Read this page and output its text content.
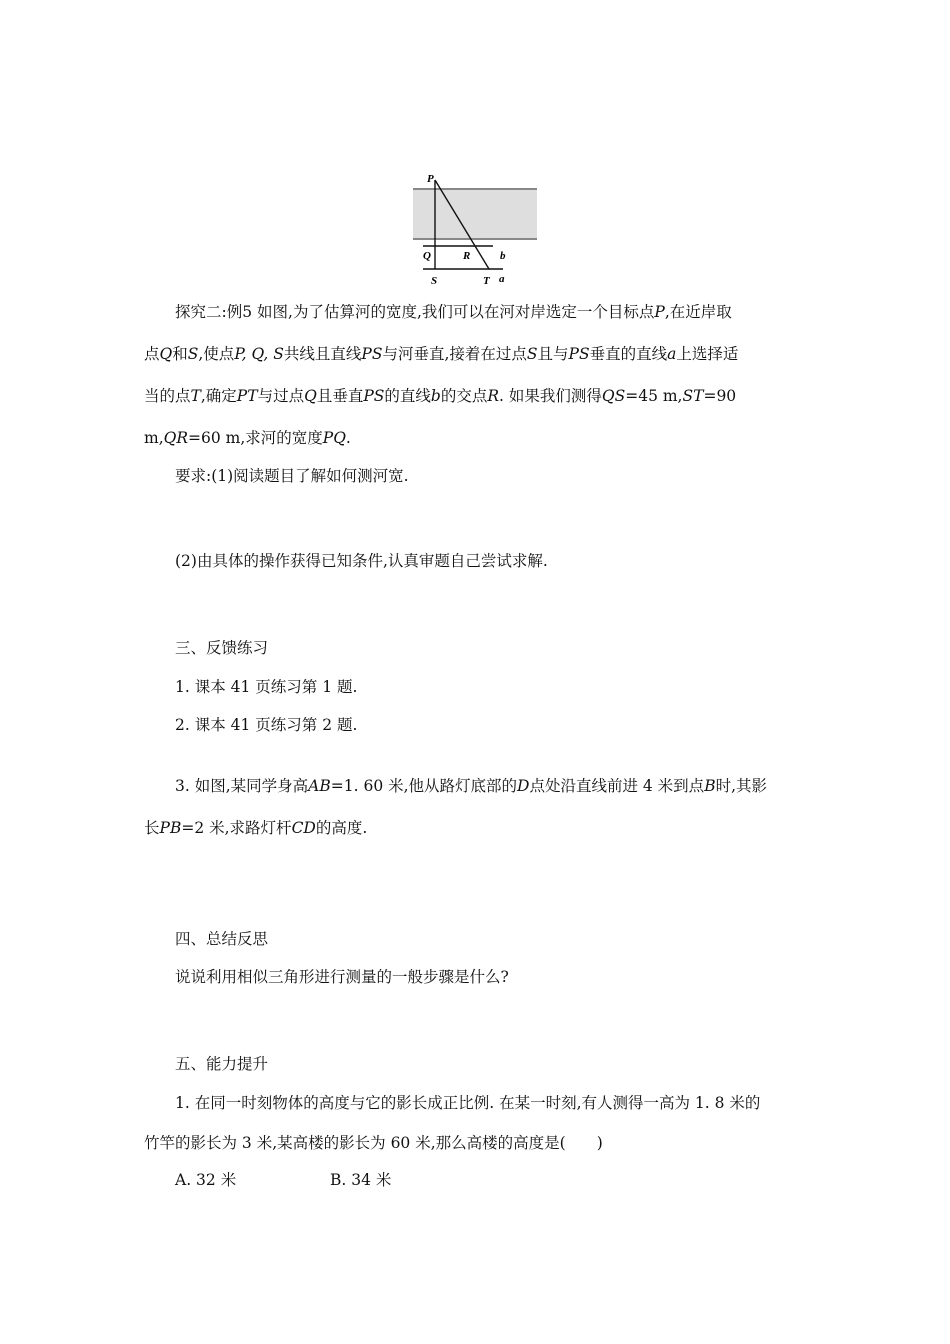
P
Q	R	b
S	T a

探究二:例5 如图,为了估算河的宽度,我们可以在河对岸选定一个目标点P,在近岸取

点Q和S,使点P, Q, S共线且直线PS与河垂直,接着在过点S且与PS垂直的直线a上选择适

当的点T,确定PT与过点Q且垂直PS的直线b的交点R. 如果我们测得QS=45 m,ST=90

m,QR=60 m,求河的宽度PQ.

要求:(1)阅读题目了解如何测河宽.

(2)由具体的操作获得已知条件,认真审题自己尝试求解.

三、反馈练习

1. 课本 41 页练习第 1 题.

2. 课本 41 页练习第 2 题.

3. 如图,某同学身高AB=1. 60 米,他从路灯底部的D点处沿直线前进 4 米到点B时,其影

长PB=2 米,求路灯杆CD的高度.

四、总结反思

说说利用相似三角形进行测量的一般步骤是什么?

五、能力提升

1. 在同一时刻物体的高度与它的影长成正比例. 在某一时刻,有人测得一高为 1. 8 米的

竹竿的影长为 3 米,某高楼的影长为 60 米,那么高楼的高度是(　　)

A. 32 米	B. 34 米
